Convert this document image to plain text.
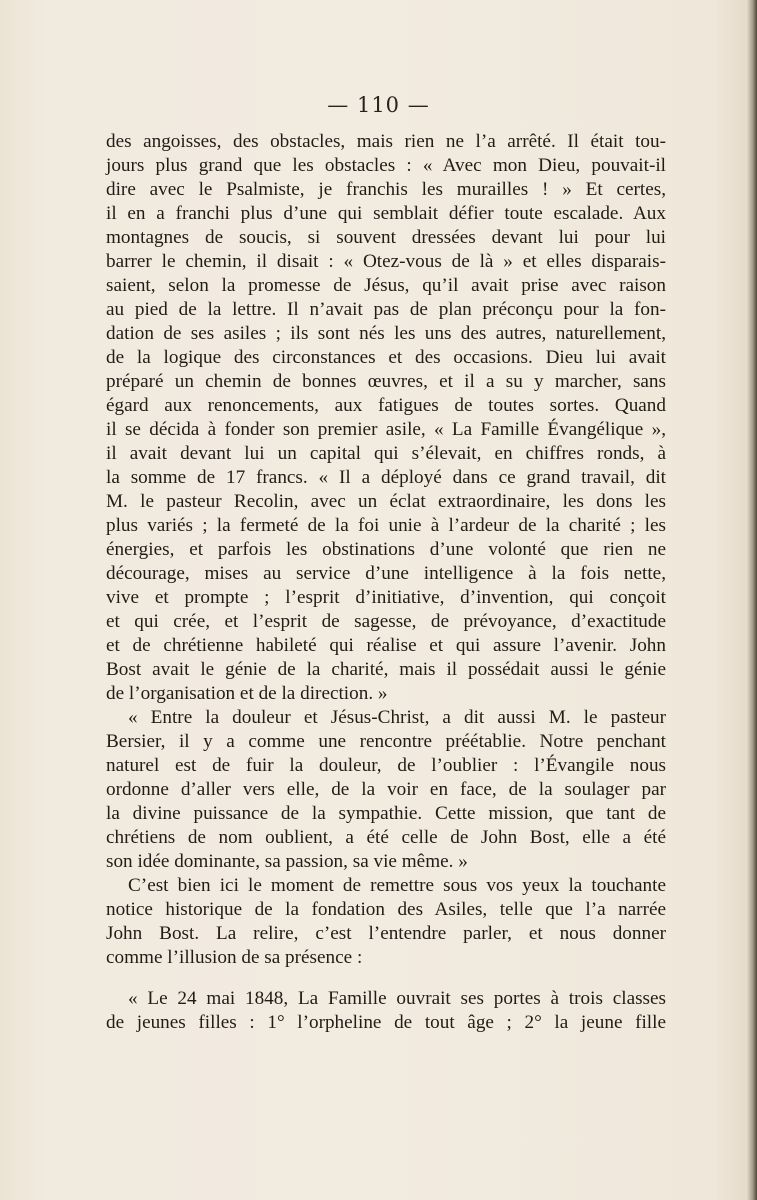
— 110 —
des angoisses, des obstacles, mais rien ne l’a arrêté. Il était tou-
jours plus grand que les obstacles : « Avec mon Dieu, pouvait-il
dire avec le Psalmiste, je franchis les murailles ! » Et certes,
il en a franchi plus d’une qui semblait défier toute escalade. Aux
montagnes de soucis, si souvent dressées devant lui pour lui
barrer le chemin, il disait : « Otez-vous de là » et elles disparais-
saient, selon la promesse de Jésus, qu’il avait prise avec raison
au pied de la lettre. Il n’avait pas de plan préconçu pour la fon-
dation de ses asiles ; ils sont nés les uns des autres, naturellement,
de la logique des circonstances et des occasions. Dieu lui avait
préparé un chemin de bonnes œuvres, et il a su y marcher, sans
égard aux renoncements, aux fatigues de toutes sortes. Quand
il se décida à fonder son premier asile, « La Famille Évangélique »,
il avait devant lui un capital qui s’élevait, en chiffres ronds, à
la somme de 17 francs. « Il a déployé dans ce grand travail, dit
M. le pasteur Recolin, avec un éclat extraordinaire, les dons les
plus variés ; la fermeté de la foi unie à l’ardeur de la charité ; les
énergies, et parfois les obstinations d’une volonté que rien ne
décourage, mises au service d’une intelligence à la fois nette,
vive et prompte ; l’esprit d’initiative, d’invention, qui conçoit
et qui crée, et l’esprit de sagesse, de prévoyance, d’exactitude
et de chrétienne habileté qui réalise et qui assure l’avenir. John
Bost avait le génie de la charité, mais il possédait aussi le génie
de l’organisation et de la direction. »
« Entre la douleur et Jésus-Christ, a dit aussi M. le pasteur
Bersier, il y a comme une rencontre préétablie. Notre penchant
naturel est de fuir la douleur, de l’oublier : l’Évangile nous
ordonne d’aller vers elle, de la voir en face, de la soulager par
la divine puissance de la sympathie. Cette mission, que tant de
chrétiens de nom oublient, a été celle de John Bost, elle a été
son idée dominante, sa passion, sa vie même. »
C’est bien ici le moment de remettre sous vos yeux la touchante
notice historique de la fondation des Asiles, telle que l’a narrée
John Bost. La relire, c’est l’entendre parler, et nous donner
comme l’illusion de sa présence :
« Le 24 mai 1848, La Famille ouvrait ses portes à trois classes
de jeunes filles : 1° l’orpheline de tout âge ; 2° la jeune fille
